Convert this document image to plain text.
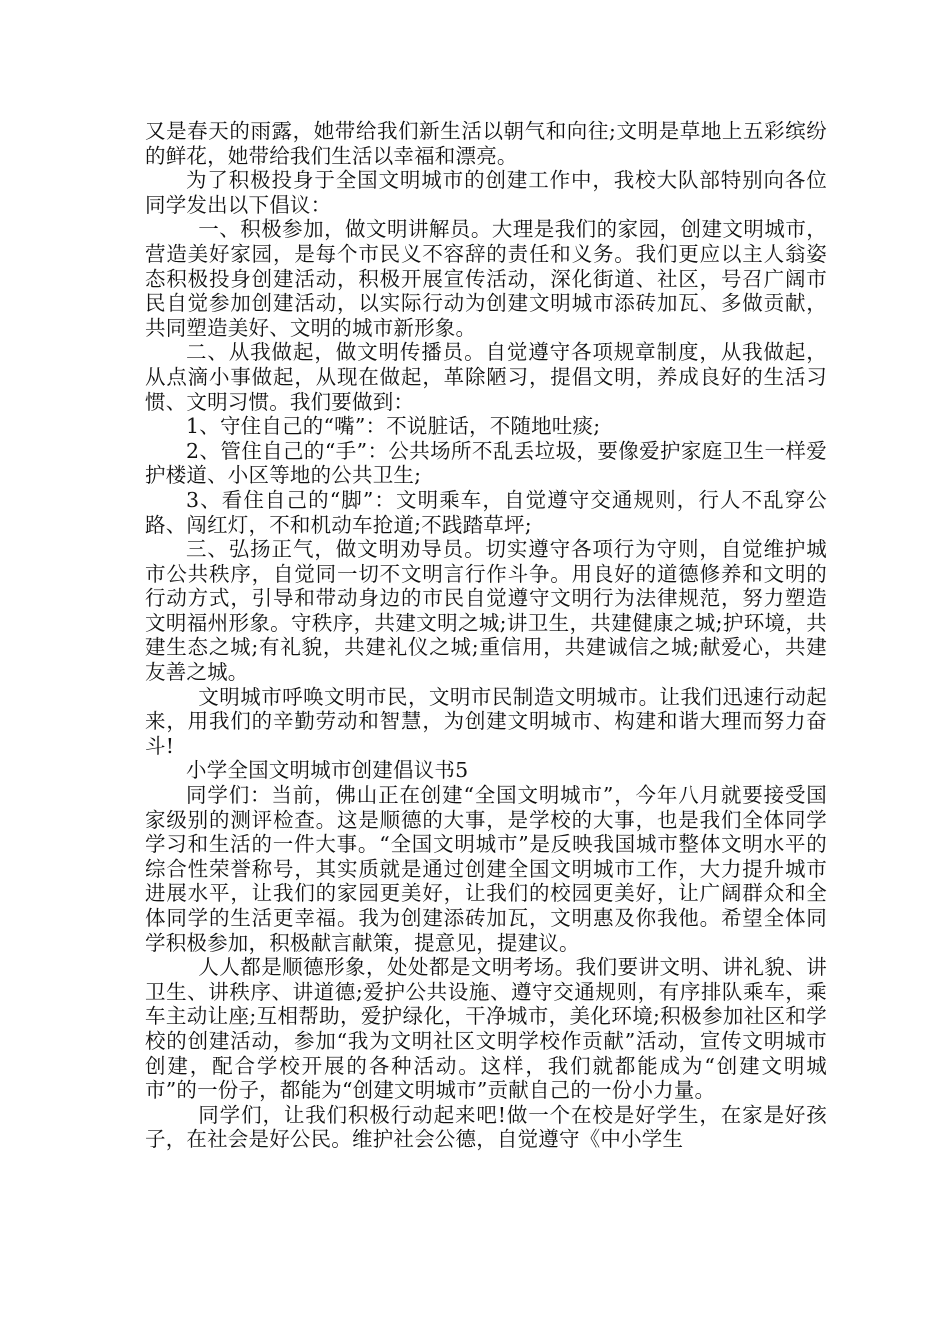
又是春天的雨露，她带给我们新生活以朝气和向往;文明是草地上五彩缤纷的鲜花，她带给我们生活以幸福和漂亮。

为了积极投身于全国文明城市的创建工作中，我校大队部特别向各位同学发出以下倡议：

一、积极参加，做文明讲解员。大理是我们的家园，创建文明城市，营造美好家园，是每个市民义不容辞的责任和义务。我们更应以主人翁姿态积极投身创建活动，积极开展宣传活动，深化街道、社区，号召广阔市民自觉参加创建活动，以实际行动为创建文明城市添砖加瓦、多做贡献，共同塑造美好、文明的城市新形象。

二、从我做起，做文明传播员。自觉遵守各项规章制度，从我做起，从点滴小事做起，从现在做起，革除陋习，提倡文明，养成良好的生活习惯、文明习惯。我们要做到：

1、守住自己的“嘴”：不说脏话，不随地吐痰;

2、管住自己的“手”：公共场所不乱丢垃圾，要像爱护家庭卫生一样爱护楼道、小区等地的公共卫生;

3、看住自己的“脚”：文明乘车，自觉遵守交通规则，行人不乱穿公路、闯红灯，不和机动车抢道;不践踏草坪;

三、弘扬正气，做文明劝导员。切实遵守各项行为守则，自觉维护城市公共秩序，自觉同一切不文明言行作斗争。用良好的道德修养和文明的行动方式，引导和带动身边的市民自觉遵守文明行为法律规范，努力塑造文明福州形象。守秩序，共建文明之城;讲卫生，共建健康之城;护环境，共建生态之城;有礼貌，共建礼仪之城;重信用，共建诚信之城;献爱心，共建友善之城。

文明城市呼唤文明市民，文明市民制造文明城市。让我们迅速行动起来，用我们的辛勤劳动和智慧，为创建文明城市、构建和谐大理而努力奋斗!

小学全国文明城市创建倡议书5

同学们：当前，佛山正在创建“全国文明城市”，今年八月就要接受国家级别的测评检查。这是顺德的大事，是学校的大事，也是我们全体同学学习和生活的一件大事。“全国文明城市”是反映我国城市整体文明水平的综合性荣誉称号，其实质就是通过创建全国文明城市工作，大力提升城市进展水平，让我们的家园更美好，让我们的校园更美好，让广阔群众和全体同学的生活更幸福。我为创建添砖加瓦，文明惠及你我他。希望全体同学积极参加，积极献言献策，提意见，提建议。

人人都是顺德形象，处处都是文明考场。我们要讲文明、讲礼貌、讲卫生、讲秩序、讲道德;爱护公共设施、遵守交通规则，有序排队乘车，乘车主动让座;互相帮助，爱护绿化，干净城市，美化环境;积极参加社区和学校的创建活动，参加“我为文明社区文明学校作贡献”活动，宣传文明城市创建，配合学校开展的各种活动。这样，我们就都能成为“创建文明城市”的一份子，都能为“创建文明城市”贡献自己的一份小力量。

同学们，让我们积极行动起来吧!做一个在校是好学生，在家是好孩子，在社会是好公民。维护社会公德，自觉遵守《中小学生
